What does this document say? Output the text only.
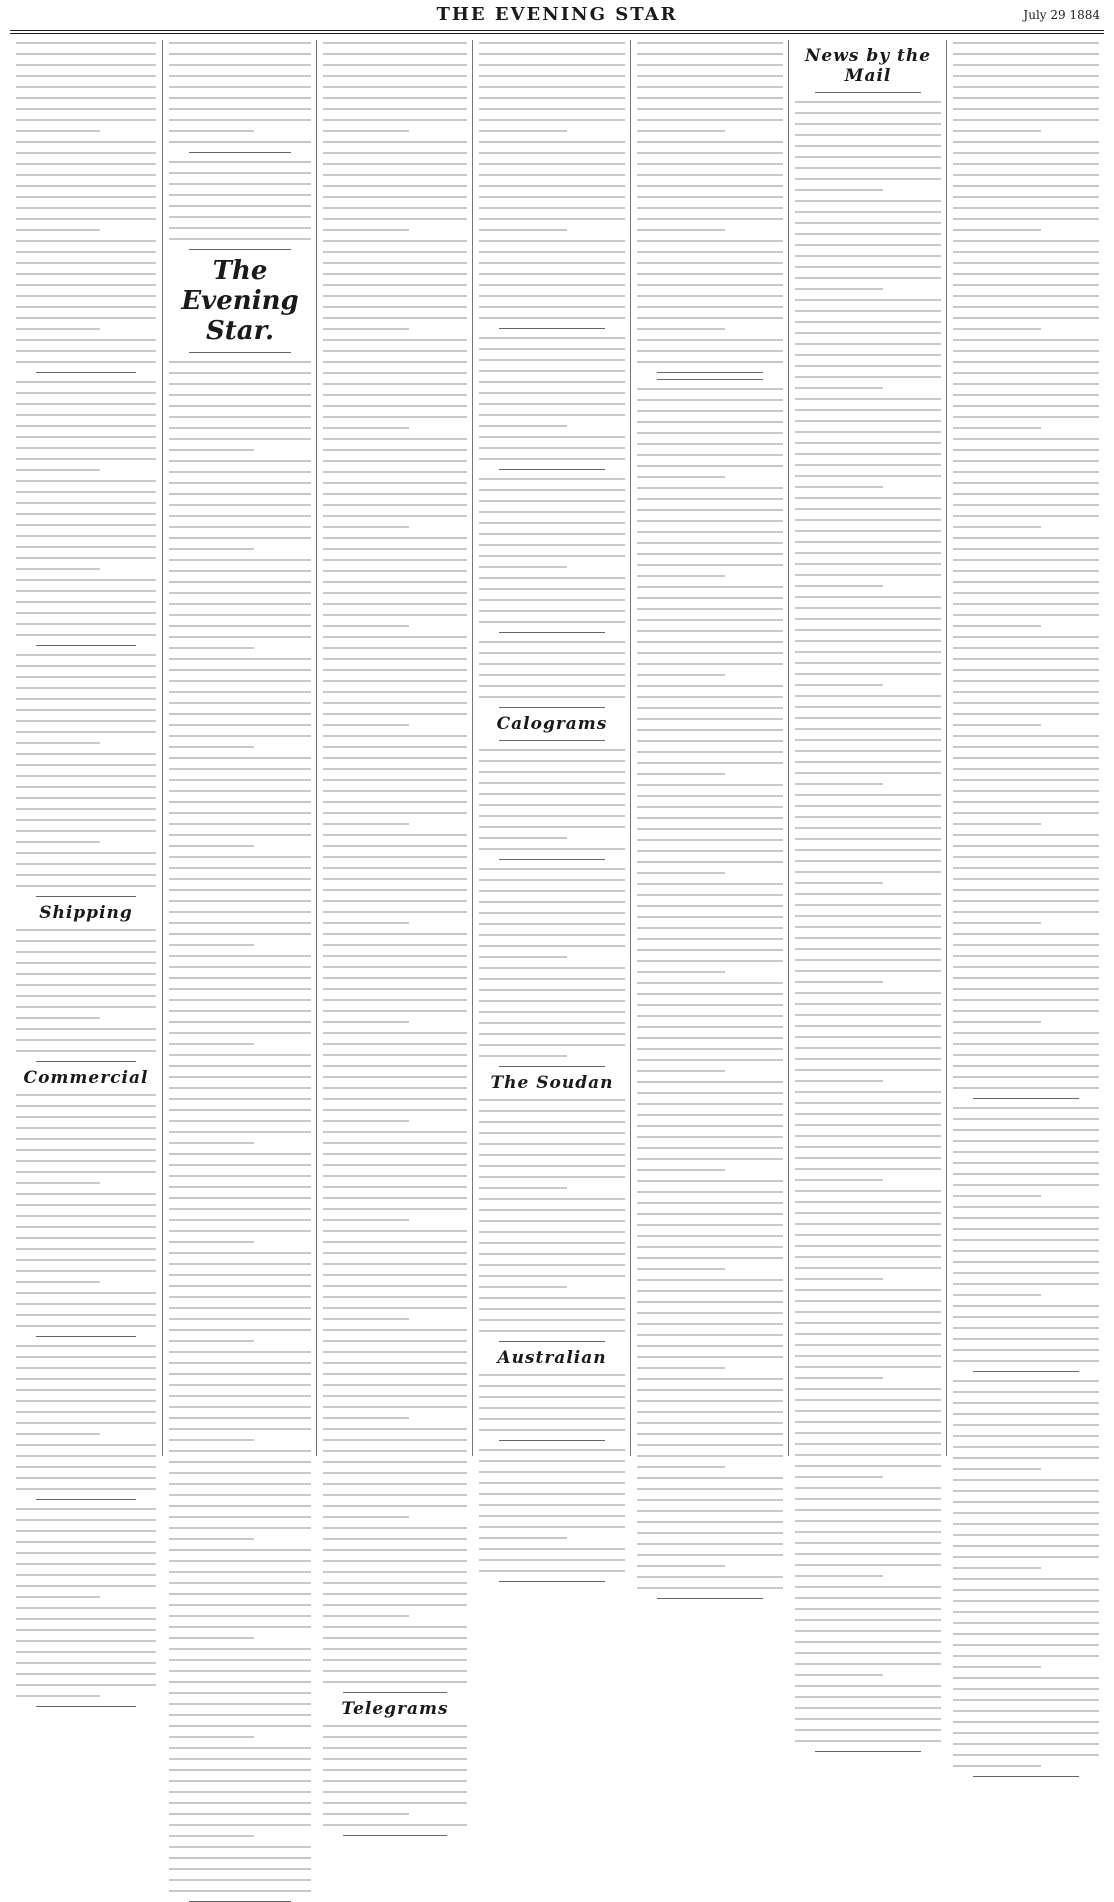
THE EVENING STAR	July 29 1884
Shipping
Commercial
The Evening Star.
Telegrams
Calograms
The Soudan
Australian
News by the Mail
